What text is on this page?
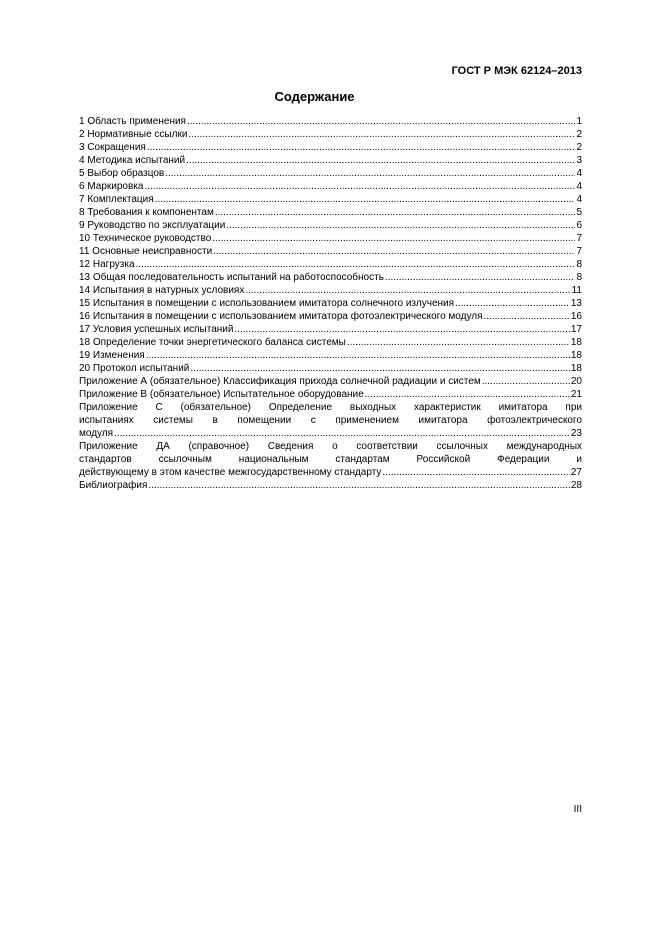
ГОСТ Р МЭК 62124–2013
Содержание
1 Область применения .....	1
2 Нормативные ссылки .....	2
3 Сокращения .....	2
4 Методика испытаний .....	3
5 Выбор образцов .....	4
6 Маркировка .....	4
7 Комплектация .....	4
8 Требования к компонентам .....	5
9 Руководство по эксплуатации .....	6
10 Техническое руководство .....	7
11 Основные неисправности .....	7
12 Нагрузка .....	8
13 Общая последовательность испытаний на работоспособность .....	8
14 Испытания в натурных условиях .....	11
15 Испытания в помещении с использованием имитатора солнечного излучения .....	13
16 Испытания в помещении с использованием имитатора фотоэлектрического модуля .....	16
17 Условия успешных испытаний .....	17
18 Определение точки энергетического баланса системы .....	18
19 Изменения .....	18
20 Протокол испытаний .....	18
Приложение А (обязательное) Классификация прихода солнечной радиации и систем .....	20
Приложение В (обязательное) Испытательное оборудование .....	21
Приложение С (обязательное) Определение выходных характеристик имитатора при
испытаниях системы в помещении с применением имитатора фотоэлектрического
модуля .....	23
Приложение ДА (справочное) Сведения о соответствии ссылочных международных
стандартов ссылочным национальным стандартам Российской Федерации и
действующему в этом качестве межгосударственному стандарту .....	27
Библиография .....	28
III
